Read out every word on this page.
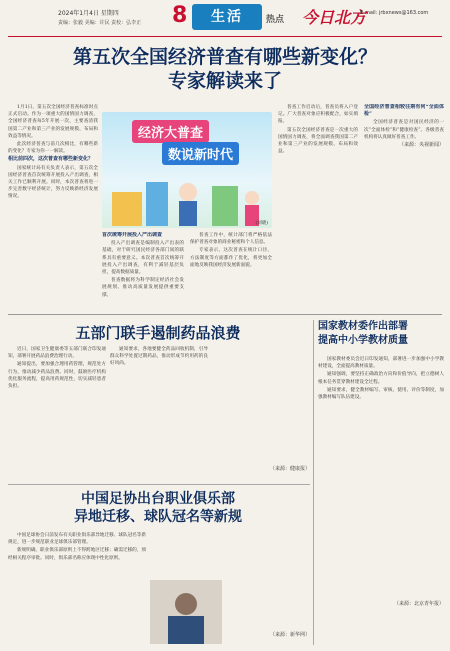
2024年1月4日 星期四
责编：张毅 美编：许民 责校：弘李正 8	生活	热点 今日北方
E-mail: jrbxnews@163.com
第五次全国经济普查有哪些新变化？
专家解读来了

1月1日，第五次全国经济普查标准时点正式启动。作为一项重大的国情国力调查，全国经济普查每5年开展一次，主要查清我国第二产业和第三产业的发展规模、布局和效益等情况。

此次经济普查与前几次相比，有哪些新的变化？专家为你一一解读。

相比前四次，这次普查有哪些新变化？

国家统计局有关负责人表示，第五次全国经济普查首次统筹开展投入产出调查，相关工作已顺利开展。同时，本次普查将进一步完善数字经济统计，努力反映新经济发展情况。

经济大普查
数说新时代
(刘晓)

首次统筹开展投入产出调查

投入产出调查是编制投入产出表的基础，对于研究国民经济各部门间的联系具有重要意义。本次普查首次统筹开展投入产出调查，有利于减轻基层负担，提高数据质量。

普查数据将为科学制定经济社会发展规划、推动高质量发展提供重要支撑。

普查工作中，统计部门将严格依法保护普查对象的商业秘密和个人信息。

专家表示，这次普查在统计口径、方法制度等方面都作了优化，将更加全面地反映我国经济发展新面貌。

普查工作启动后，普查员将入户登记。广大普查对象应积极配合，如实填报。

第五次全国经济普查是一次重大的国情国力调查，将全面调查我国第二产业和第三产业的发展规模、布局和效益。

全国经济普查相较往期有何“全面体检”

全国经济普查是对国民经济的一次“全面体检”和“健康检查”。各级普查机构将认真做好普查工作。

（来源：央视新闻）

五部门联手遏制药品浪费

近日，国家卫生健康委等五部门联合印发通知，部署开展药品浪费治理行动。

通知提出，要加强合理用药管理，规范处方行为，推动减少药品浪费。同时，鼓励医疗机构优化服务流程，提高用药规范性，切实减轻患者负担。

通知要求，各地要健全药品回收机制，引导群众科学处置过期药品，推动形成节约用药的良好风尚。

（来源：健康报）

中国足协出台职业俱乐部
异地迁移、球队冠名等新规

中国足球协会日前发布有关职业俱乐部异地迁移、球队冠名等新规定，进一步规范职业足球俱乐部管理。

新规明确，职业俱乐部原则上不得跨地区迁移；确需迁移的，须经相关程序审批。同时，俱乐部名称应体现中性化原则。

（来源：新华网）

国家教材委作出部署
提高中小学教材质量

国家教材委员会近日印发通知，部署进一步加强中小学教材建设，全面提高教材质量。

通知强调，要坚持正确政治方向和价值导向，把立德树人根本任务贯穿教材建设全过程。

通知要求，健全教材编写、审核、使用、评价等制度，加强教材编写队伍建设。

（来源：北京青年报）
